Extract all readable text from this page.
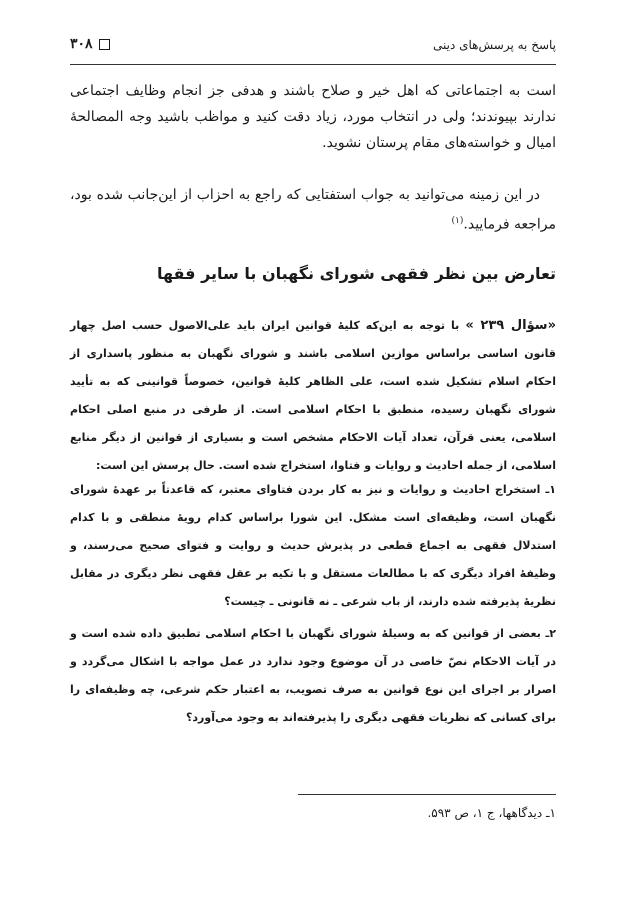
پاسخ به پرسش‌های دینی
۳۰۸
است به اجتماعاتی که اهل خیر و صلاح باشند و هدفی جز انجام وظایف اجتماعی ندارند بپیوندند؛ ولی در انتخاب مورد، زیاد دقت کنید و مواظب باشید وجه المصالحهٔ امیال و خواسته‌های مقام پرستان نشوید.
در این زمینه می‌توانید به جواب استفتایی که راجع به احزاب از این‌جانب شده بود، مراجعه فرمایید.$^{(۱)}$
تعارض بین نظر فقهی شورای نگهبان با سایر فقها
«سؤال ۲۳۹ » با توجه به این‌که کلیهٔ قوانین ایران باید علی‌الاصول حسب اصل چهار قانون اساسی براساس موازین اسلامی باشند و شورای نگهبان به منظور پاسداری از احکام اسلام تشکیل شده است، علی الظاهر کلیهٔ قوانین، خصوصاً قوانینی که به تأیید شورای نگهبان رسیده، منطبق با احکام اسلامی است. از طرفی در منبع اصلی احکام اسلامی، یعنی قرآن، تعداد آیات الاحکام مشخص است و بسیاری از قوانین از دیگر منابع اسلامی، از جمله احادیث و روایات و فتاوا، استخراج شده است. حال پرسش این است:
۱ـ استخراج احادیث و روایات و نیز به کار بردن فتاوای معتبر، که قاعدتاً بر عهدهٔ شورای نگهبان است، وظیفه‌ای است مشکل. این شورا براساس کدام رویهٔ منطقی و با کدام استدلال فقهی به اجماع قطعی در پذیرش حدیث و روایت و فتوای صحیح می‌رسند، و وظیفهٔ افراد دیگری که با مطالعات مستقل و با تکیه بر عقل فقهی نظر دیگری در مقابل نظریهٔ پذیرفته شده دارند، از باب شرعی ـ نه قانونی ـ چیست؟
۲ـ بعضی از قوانین که به وسیلهٔ شورای نگهبان با احکام اسلامی تطبیق داده شده است و در آیات الاحکام نصّ خاصی در آن موضوع وجود ندارد در عمل مواجه با اشکال می‌گردد و اصرار بر اجرای این نوع قوانین به صرف تصویب، به اعتبار حکم شرعی، چه وظیفه‌ای را برای کسانی که نظریات فقهی دیگری را پذیرفته‌اند به وجود می‌آورد؟
۱ـ دیدگاهها، ج ۱، ص ۵۹۳.
